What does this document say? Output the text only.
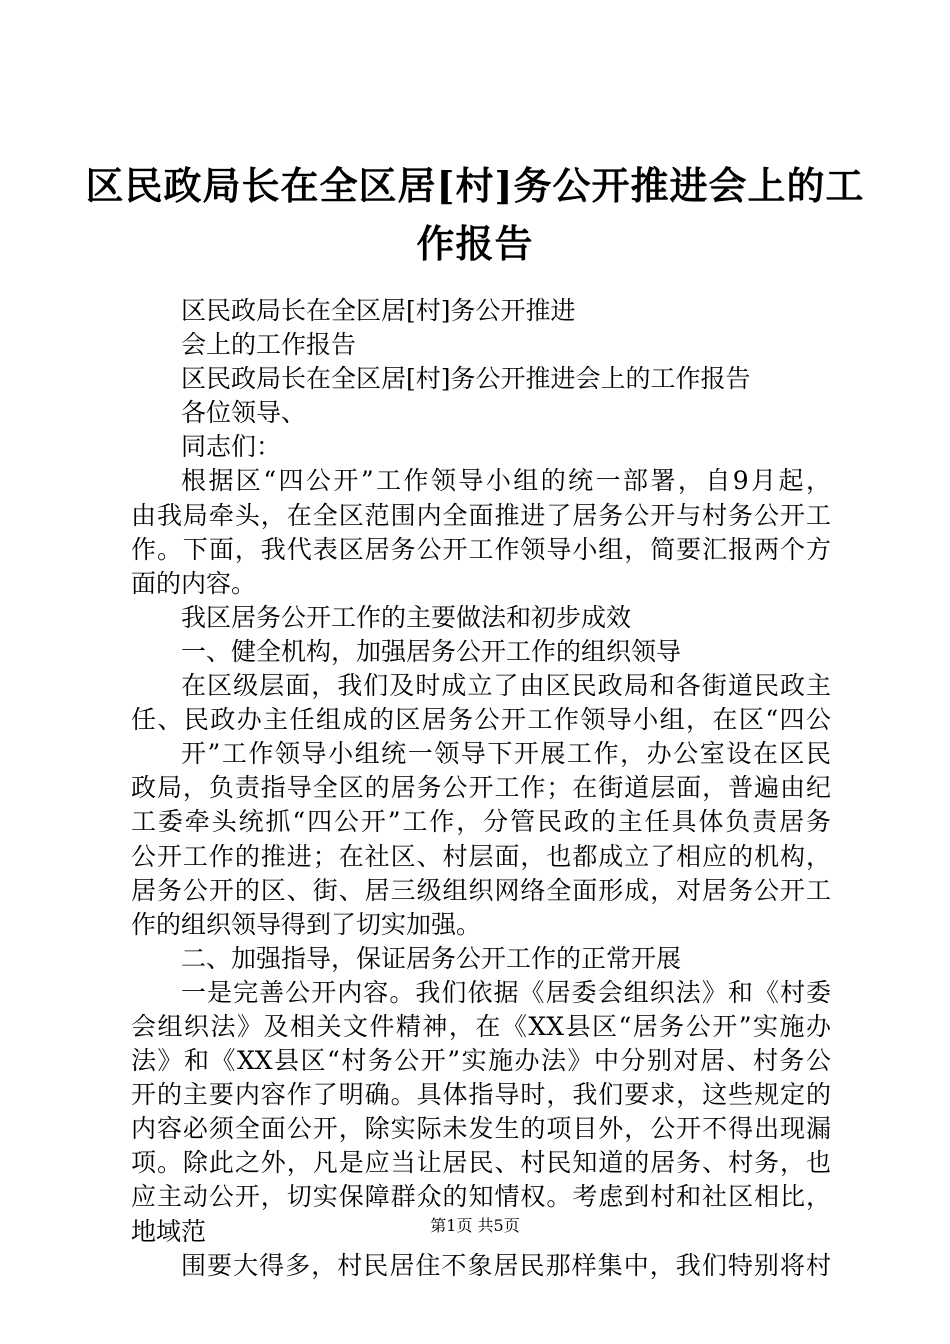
区民政局长在全区居[村]务公开推进会上的工
作报告
区民政局长在全区居[村]务公开推进
会上的工作报告
区民政局长在全区居[村]务公开推进会上的工作报告
各位领导、
同志们：
根据区“四公开”工作领导小组的统一部署，自9月起，
由我局牵头，在全区范围内全面推进了居务公开与村务公开工
作。下面，我代表区居务公开工作领导小组，简要汇报两个方
面的内容。
我区居务公开工作的主要做法和初步成效
一、健全机构，加强居务公开工作的组织领导
在区级层面，我们及时成立了由区民政局和各街道民政主
任、民政办主任组成的区居务公开工作领导小组，在区“四公
开”工作领导小组统一领导下开展工作，办公室设在区民
政局，负责指导全区的居务公开工作；在街道层面，普遍由纪
工委牵头统抓“四公开”工作，分管民政的主任具体负责居务
公开工作的推进；在社区、村层面，也都成立了相应的机构，
居务公开的区、街、居三级组织网络全面形成，对居务公开工
作的组织领导得到了切实加强。
二、加强指导，保证居务公开工作的正常开展
一是完善公开内容。我们依据《居委会组织法》和《村委
会组织法》及相关文件精神，在《XX县区“居务公开”实施办
法》和《XX县区“村务公开”实施办法》中分别对居、村务公
开的主要内容作了明确。具体指导时，我们要求，这些规定的
内容必须全面公开，除实际未发生的项目外，公开不得出现漏
项。除此之外，凡是应当让居民、村民知道的居务、村务，也
应主动公开，切实保障群众的知情权。考虑到村和社区相比，
地域范
围要大得多，村民居住不象居民那样集中，我们特别将村
第1页 共5页
